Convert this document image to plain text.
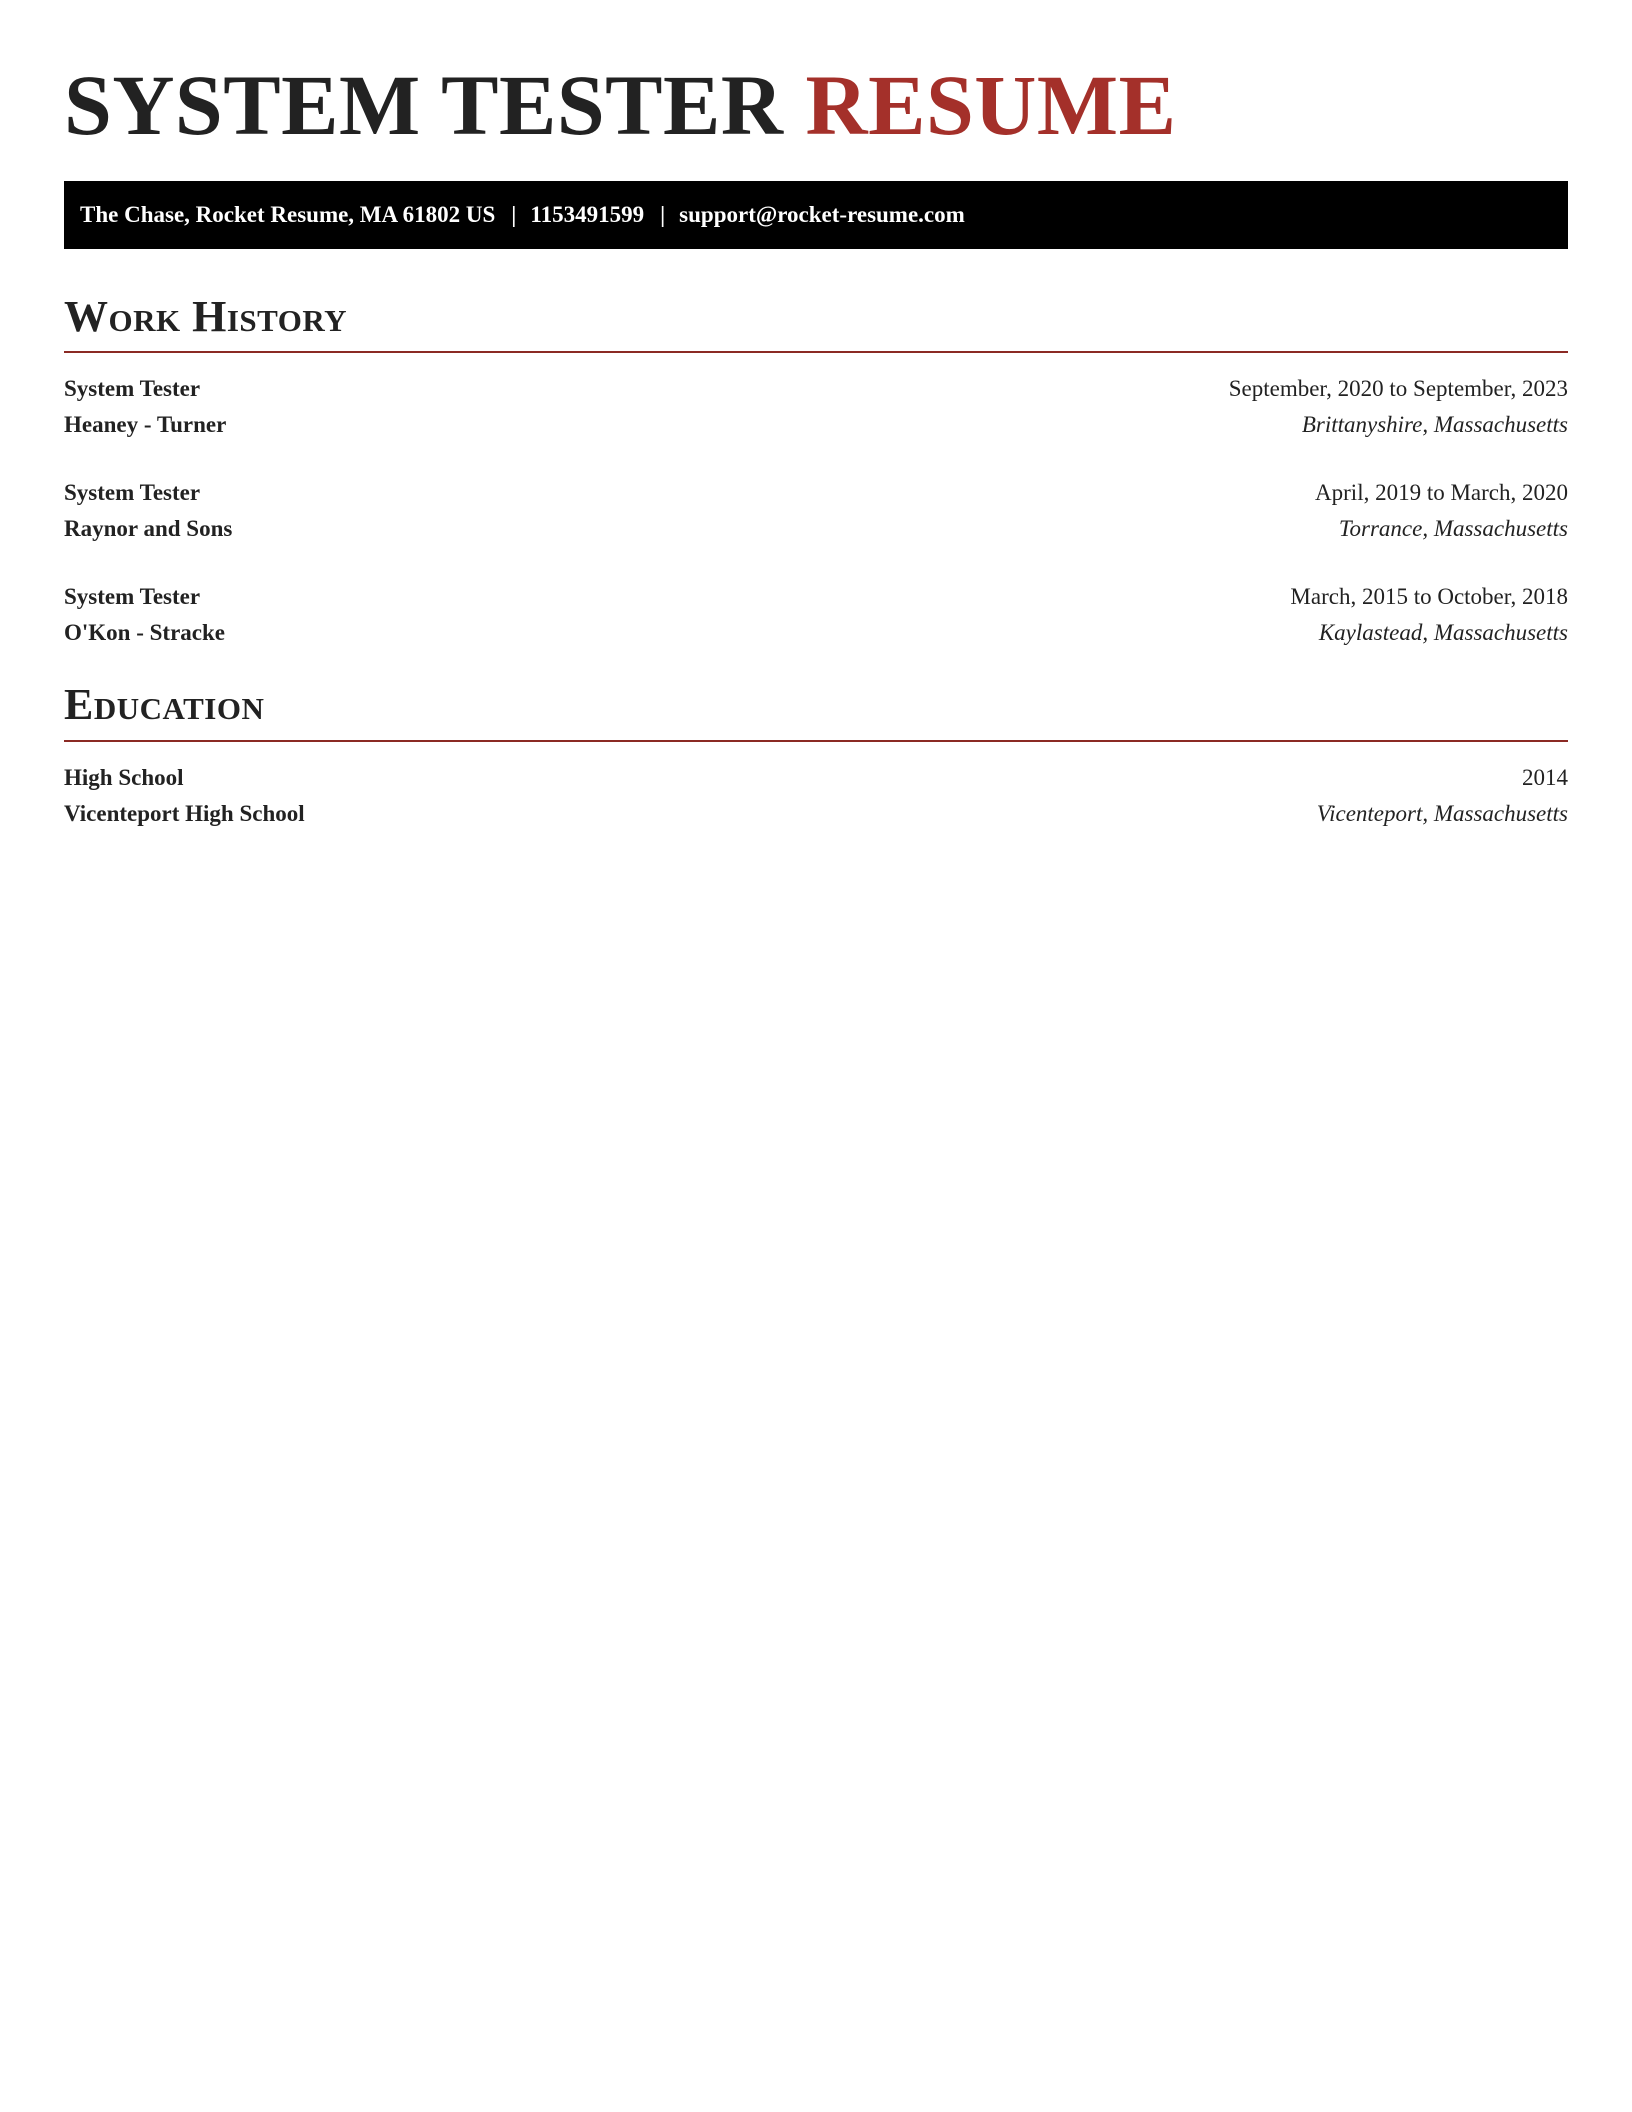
SYSTEM TESTER RESUME
The Chase, Rocket Resume, MA 61802 US | 1153491599 | support@rocket-resume.com
Work History
System Tester	September, 2020 to September, 2023
Heaney - Turner	Brittanyshire, Massachusetts
System Tester	April, 2019 to March, 2020
Raynor and Sons	Torrance, Massachusetts
System Tester	March, 2015 to October, 2018
O'Kon - Stracke	Kaylastead, Massachusetts
Education
High School	2014
Vicenteport High School	Vicenteport, Massachusetts
